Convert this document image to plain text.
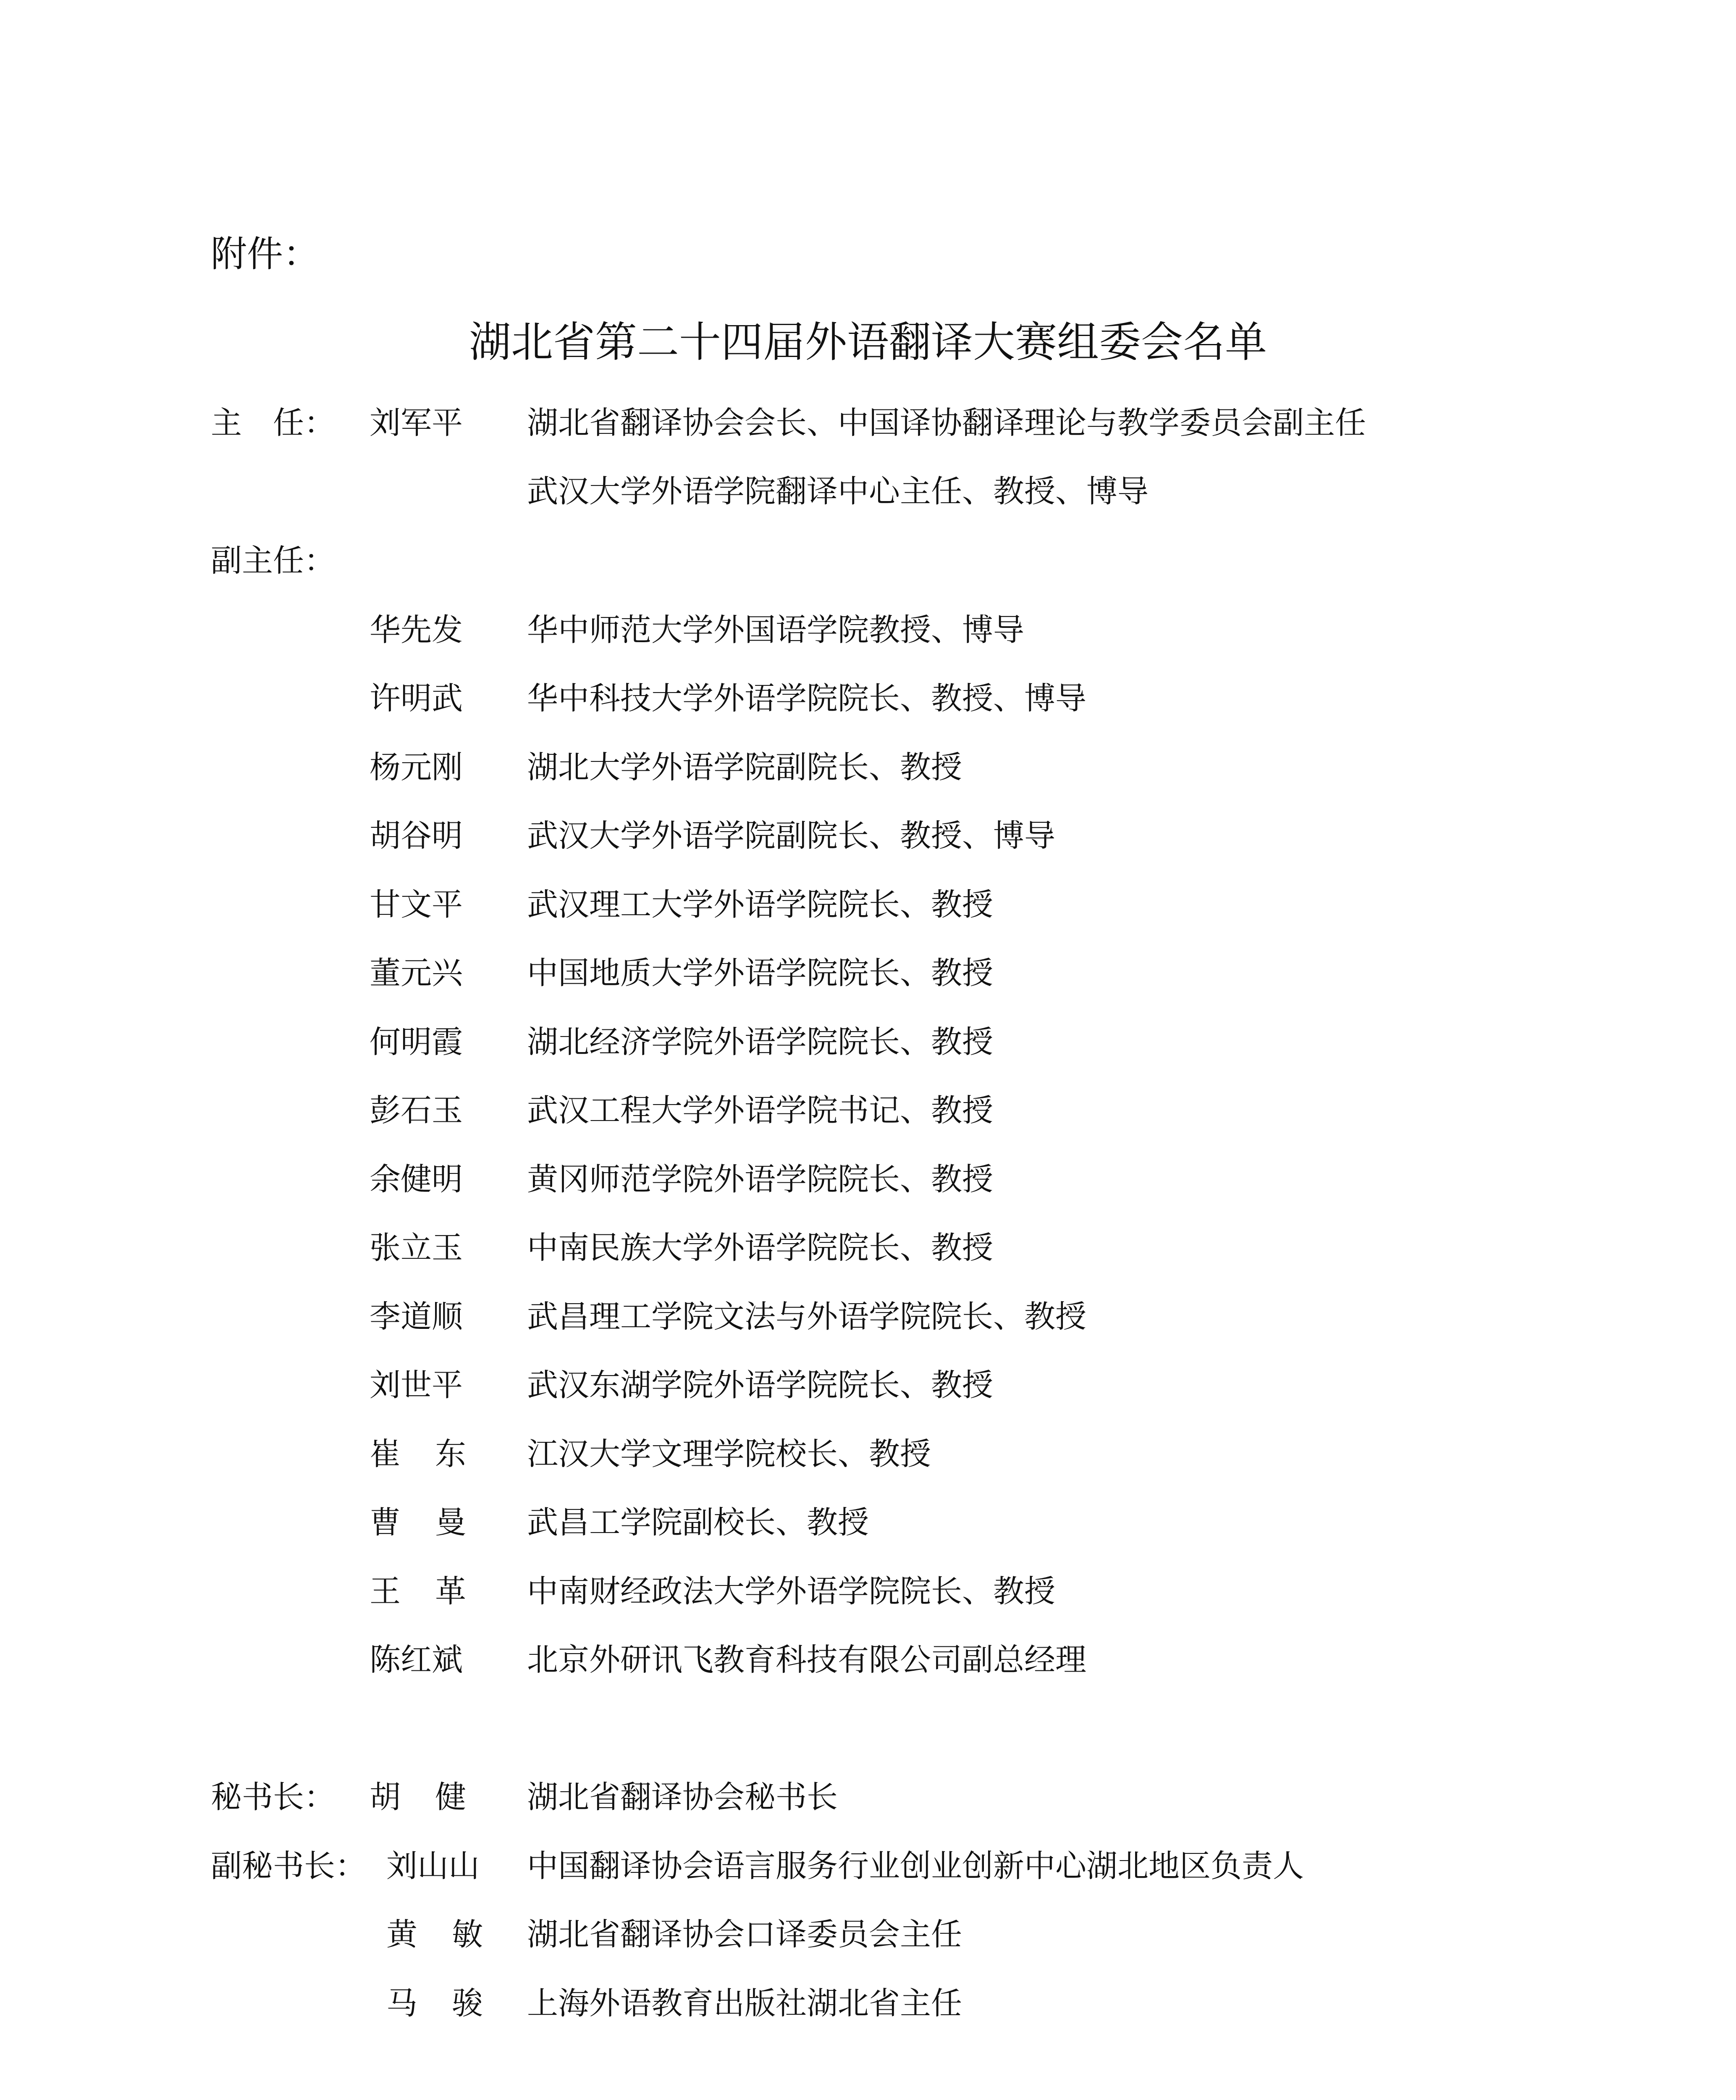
附件：
湖北省第二十四届外语翻译大赛组委会名单
主　任： 刘军平 湖北省翻译协会会长、中国译协翻译理论与教学委员会副主任
武汉大学外语学院翻译中心主任、教授、博导
副主任：
华先发 华中师范大学外国语学院教授、博导
许明武 华中科技大学外语学院院长、教授、博导
杨元刚 湖北大学外语学院副院长、教授
胡谷明 武汉大学外语学院副院长、教授、博导
甘文平 武汉理工大学外语学院院长、教授
董元兴 中国地质大学外语学院院长、教授
何明霞 湖北经济学院外语学院院长、教授
彭石玉 武汉工程大学外语学院书记、教授
余健明 黄冈师范学院外语学院院长、教授
张立玉 中南民族大学外语学院院长、教授
李道顺 武昌理工学院文法与外语学院院长、教授
刘世平 武汉东湖学院外语学院院长、教授
崔东 江汉大学文理学院校长、教授
曹曼 武昌工学院副校长、教授
王革 中南财经政法大学外语学院院长、教授
陈红斌 北京外研讯飞教育科技有限公司副总经理
秘书长： 胡健 湖北省翻译协会秘书长
副秘书长： 刘山山 中国翻译协会语言服务行业创业创新中心湖北地区负责人
黄敏 湖北省翻译协会口译委员会主任
马骏 上海外语教育出版社湖北省主任
